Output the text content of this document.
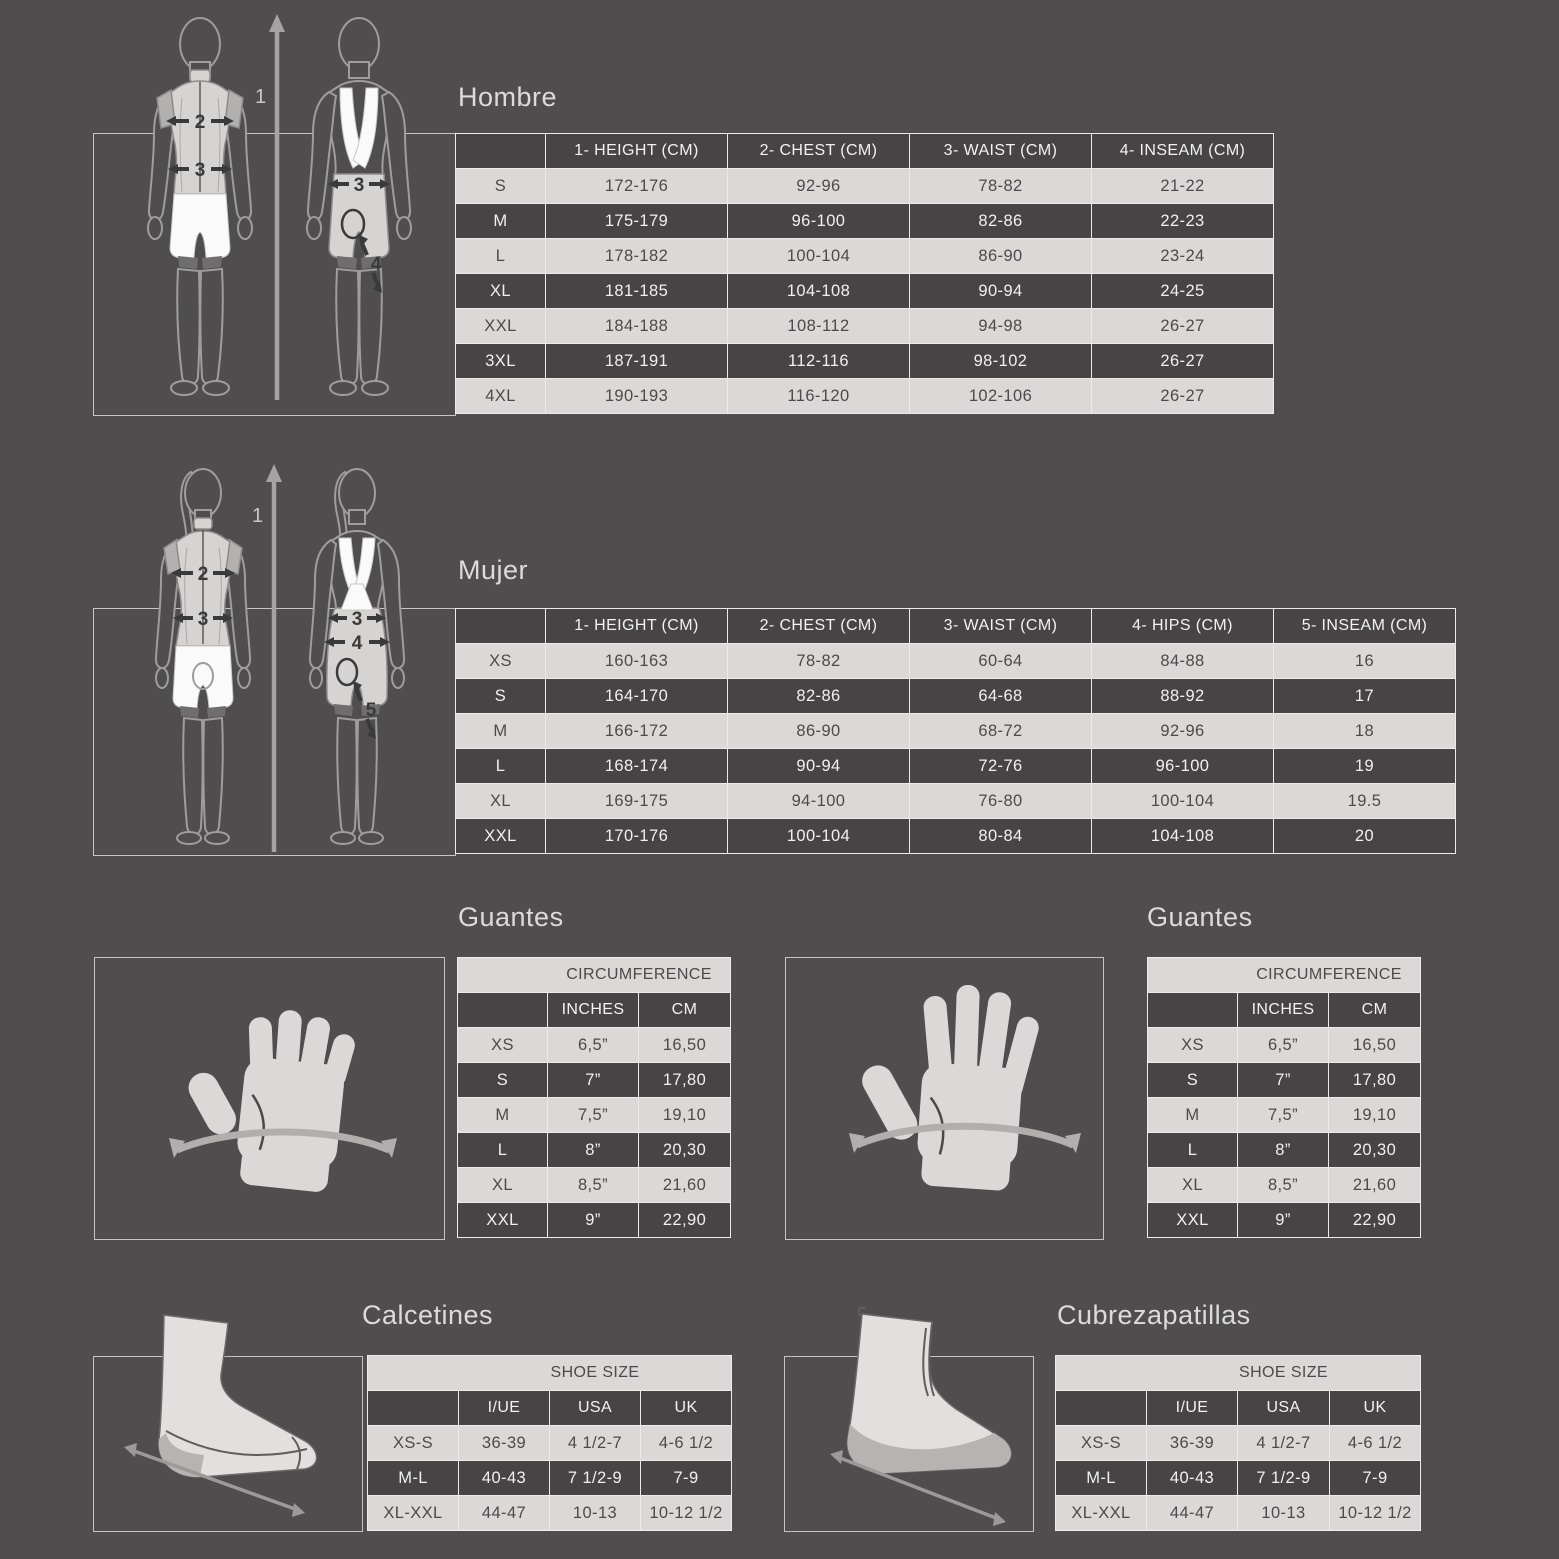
Hombre
2
3
3
4
1
	1- HEIGHT (CM)	2- CHEST (CM)	3- WAIST (CM)	4- INSEAM (CM)
S	172-176	92-96	78-82	21-22
M	175-179	96-100	82-86	22-23
L	178-182	100-104	86-90	23-24
XL	181-185	104-108	90-94	24-25
XXL	184-188	108-112	94-98	26-27
3XL	187-191	112-116	98-102	26-27
4XL	190-193	116-120	102-106	26-27
Mujer
2
3	3
4
5
1
	1- HEIGHT (CM)	2- CHEST (CM)	3- WAIST (CM)	4- HIPS (CM)	5- INSEAM (CM)
XS	160-163	78-82	60-64	84-88	16
S	164-170	82-86	64-68	88-92	17
M	166-172	86-90	68-72	92-96	18
L	168-174	90-94	72-76	96-100	19
XL	169-175	94-100	76-80	100-104	19.5
XXL	170-176	100-104	80-84	104-108	20
Guantes
CIRCUMFERENCE		
	INCHES	CM
XS	6,5”	16,50
S	7”	17,80
M	7,5”	19,10
L	8”	20,30
XL	8,5”	21,60
XXL	9”	22,90
Guantes
CIRCUMFERENCE		
	INCHES	CM
XS	6,5”	16,50
S	7”	17,80
M	7,5”	19,10
L	8”	20,30
XL	8,5”	21,60
XXL	9”	22,90
Calcetines
SHOE SIZE			
	I/UE	USA	UK
XS-S	36-39	4 1/2-7	4-6 1/2
M-L	40-43	7 1/2-9	7-9
XL-XXL	44-47	10-13	10-12 1/2
Cubrezapatillas
SHOE SIZE			
	I/UE	USA	UK
XS-S	36-39	4 1/2-7	4-6 1/2
M-L	40-43	7 1/2-9	7-9
XL-XXL	44-47	10-13	10-12 1/2
